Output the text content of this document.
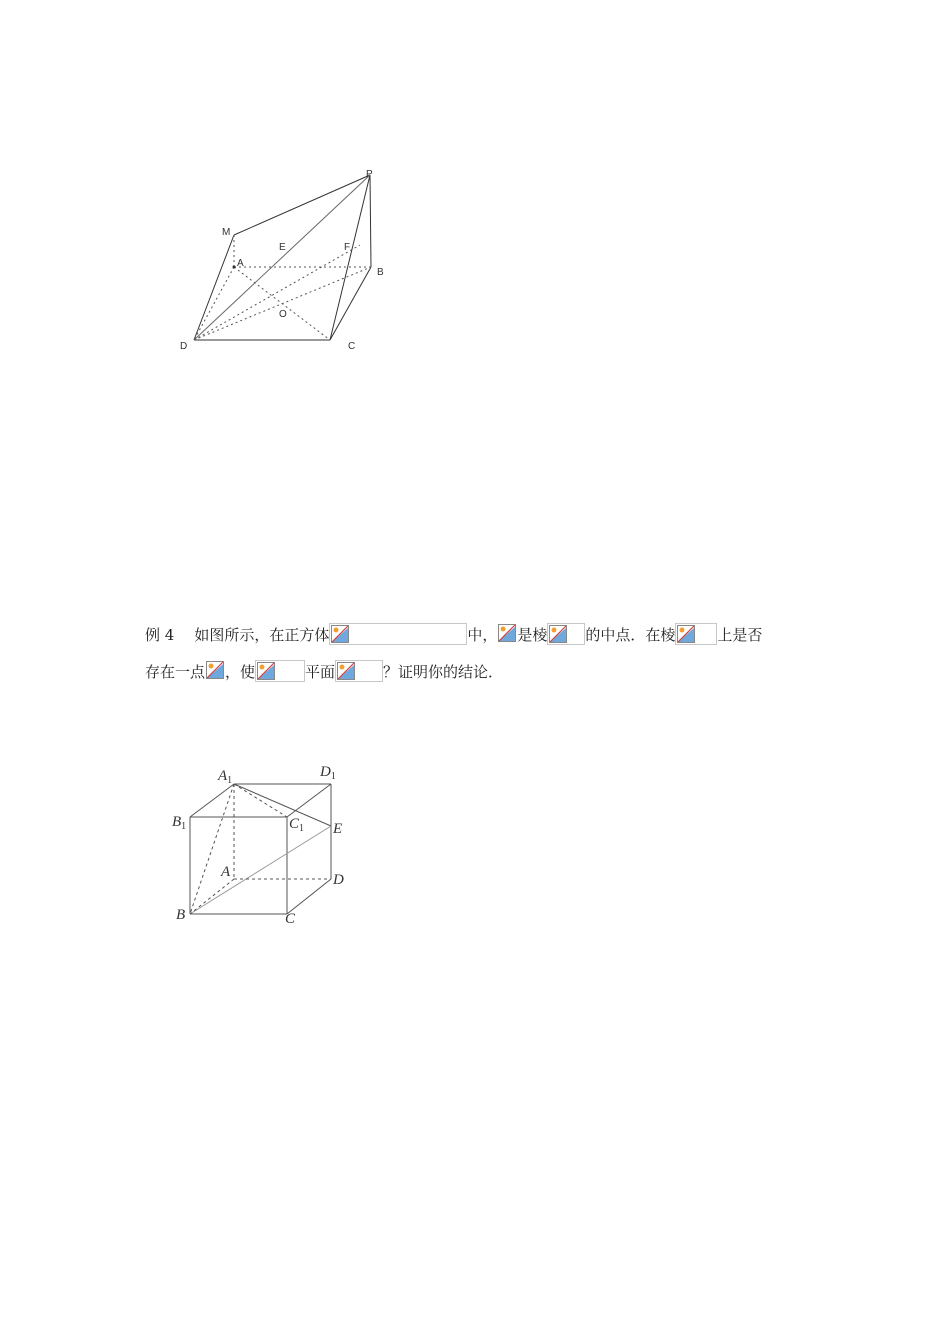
P
M
E	F
A
B
O
D	C
例 4 如图所示，在正方体	中， 是棱	的中点．在棱	上是否
存在一点 ，使	平面	？证明你的结论．
$A_1$
$D_1$
$B_1$	$C_1$ E
A	D
B	C
